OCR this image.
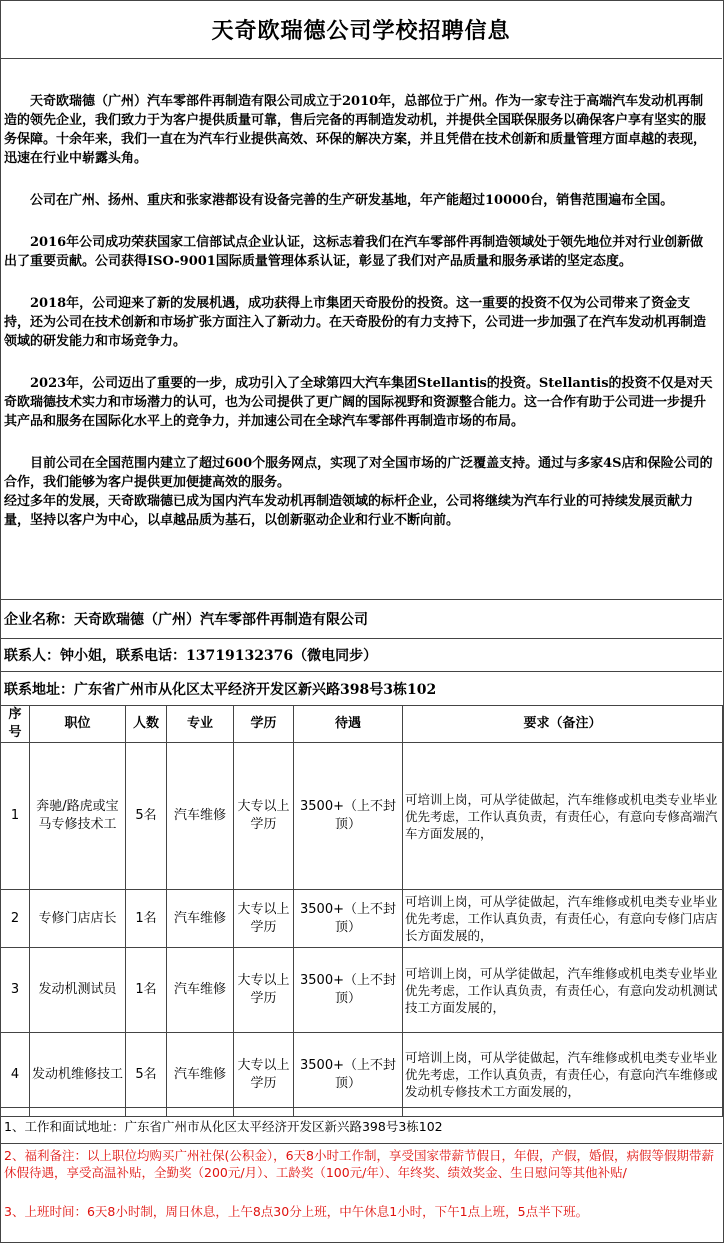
天奇欧瑞德公司学校招聘信息

天奇欧瑞德（广州）汽车零部件再制造有限公司成立于2010年，总部位于广州。作为一家专注于高端汽车发动机再制造的领先企业，我们致力于为客户提供质量可靠，售后完备的再制造发动机，并提供全国联保服务以确保客户享有坚实的服务保障。十余年来，我们一直在为汽车行业提供高效、环保的解决方案，并且凭借在技术创新和质量管理方面卓越的表现，迅速在行业中崭露头角。

公司在广州、扬州、重庆和张家港都设有设备完善的生产研发基地，年产能超过10000台，销售范围遍布全国。

2016年公司成功荣获国家工信部试点企业认证，这标志着我们在汽车零部件再制造领域处于领先地位并对行业创新做出了重要贡献。公司获得ISO-9001国际质量管理体系认证，彰显了我们对产品质量和服务承诺的坚定态度。

2018年，公司迎来了新的发展机遇，成功获得上市集团天奇股份的投资。这一重要的投资不仅为公司带来了资金支持，还为公司在技术创新和市场扩张方面注入了新动力。在天奇股份的有力支持下，公司进一步加强了在汽车发动机再制造领域的研发能力和市场竞争力。

2023年，公司迈出了重要的一步，成功引入了全球第四大汽车集团Stellantis的投资。Stellantis的投资不仅是对天奇欧瑞德技术实力和市场潜力的认可，也为公司提供了更广阔的国际视野和资源整合能力。这一合作有助于公司进一步提升其产品和服务在国际化水平上的竞争力，并加速公司在全球汽车零部件再制造市场的布局。

目前公司在全国范围内建立了超过600个服务网点，实现了对全国市场的广泛覆盖支持。通过与多家4S店和保险公司的合作，我们能够为客户提供更加便捷高效的服务。

经过多年的发展，天奇欧瑞德已成为国内汽车发动机再制造领域的标杆企业，公司将继续为汽车行业的可持续发展贡献力量，坚持以客户为中心，以卓越品质为基石，以创新驱动企业和行业不断向前。

企业名称：天奇欧瑞德（广州）汽车零部件再制造有限公司
联系人：钟小姐，联系电话：13719132376（微电同步）
联系地址：广东省广州市从化区太平经济开发区新兴路398号3栋102
序号	职位	人数	专业	学历	待遇	要求（备注）
1	奔驰/路虎或宝马专修技术工	5名	汽车维修	大专以上学历	3500+（上不封顶）	可培训上岗，可从学徒做起，汽车维修或机电类专业毕业优先考虑，工作认真负责，有责任心，有意向专修高端汽车方面发展的，
2	专修门店店长	1名	汽车维修	大专以上学历	3500+（上不封顶）	可培训上岗，可从学徒做起，汽车维修或机电类专业毕业优先考虑，工作认真负责，有责任心，有意向专修门店店长方面发展的，
3	发动机测试员	1名	汽车维修	大专以上学历	3500+（上不封顶）	可培训上岗，可从学徒做起，汽车维修或机电类专业毕业优先考虑，工作认真负责，有责任心，有意向发动机测试技工方面发展的，
4	发动机维修技工	5名	汽车维修	大专以上学历	3500+（上不封顶）	可培训上岗，可从学徒做起，汽车维修或机电类专业毕业优先考虑，工作认真负责，有责任心，有意向汽车维修或发动机专修技术工方面发展的，
1、工作和面试地址：广东省广州市从化区太平经济开发区新兴路398号3栋102
2、福利备注：以上职位均购买广州社保(公积金），6天8小时工作制，享受国家带薪节假日，年假，产假，婚假，病假等假期带薪休假待遇，享受高温补贴，全勤奖（200元/月）、工龄奖（100元/年）、年终奖、绩效奖金、生日慰问等其他补贴/
3、上班时间：6天8小时制，周日休息，上午8点30分上班，中午休息1小时，下午1点上班，5点半下班。
